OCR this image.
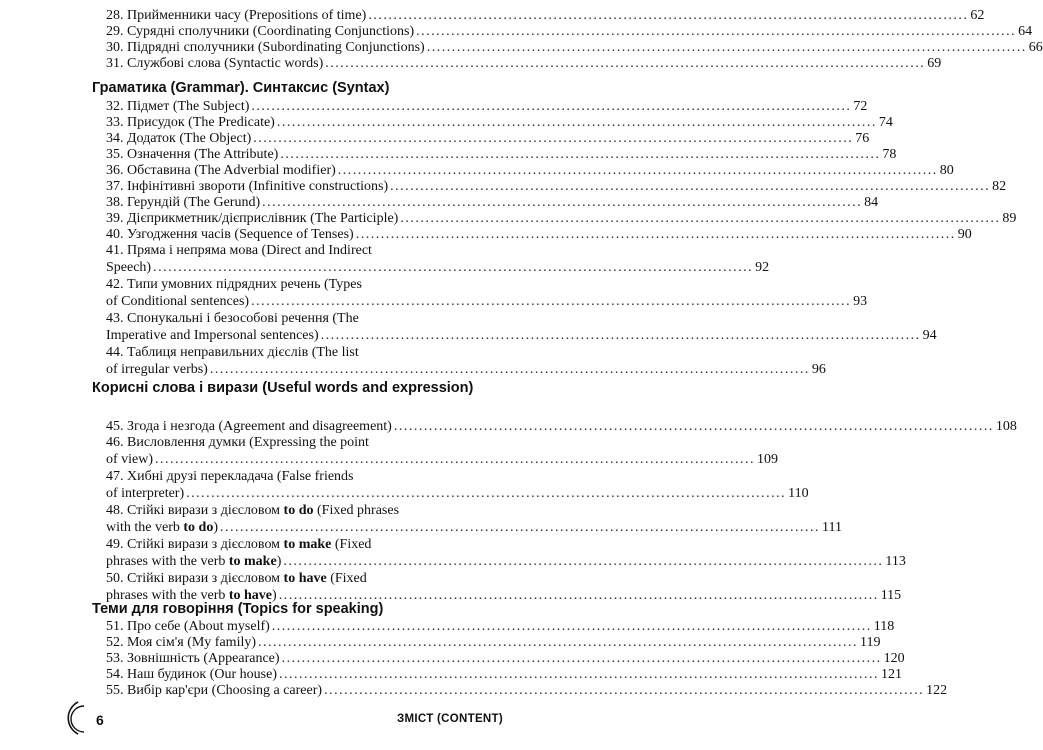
28. Прийменники часу (Prepositions of time) ........................................................................................................................ 62
29. Сурядні сполучники (Coordinating Conjunctions) ........................................................................................................................ 64
30. Підрядні сполучники (Subordinating Conjunctions) ........................................................................................................................ 66
31. Службові слова (Syntactic words) ........................................................................................................................ 69
Граматика (Grammar). Синтаксис (Syntax)
32. Підмет (The Subject) ........................................................................................................................ 72
33. Присудок (The Predicate) ........................................................................................................................ 74
34. Додаток (The Object) ........................................................................................................................ 76
35. Означення (The Attribute) ........................................................................................................................ 78
36. Обставина (The Adverbial modifier) ........................................................................................................................ 80
37. Інфінітивні звороти (Infinitive constructions) ........................................................................................................................ 82
38. Герундій (The Gerund) ........................................................................................................................ 84
39. Дієприкметник/дієприслівник (The Participle) ........................................................................................................................ 89
40. Узгодження часів (Sequence of Tenses) ........................................................................................................................ 90
41. Пряма і непряма мова (Direct and Indirect
Speech) ........................................................................................................................ 92
42. Типи умовних підрядних речень (Types
of Conditional sentences) ........................................................................................................................ 93
43. Спонукальні і безособові речення (The
Imperative and Impersonal sentences) ........................................................................................................................ 94
44. Таблиця неправильних дієслів (The list
of irregular verbs) ........................................................................................................................ 96
Корисні слова і вирази (Useful words and expression)
45. Згода і незгода (Agreement and disagreement) ........................................................................................................................ 108
46. Висловлення думки (Expressing the point
of view) ........................................................................................................................ 109
47. Хибні друзі перекладача (False friends
of interpreter) ........................................................................................................................ 110
48. Стійкі вирази з дієсловом to do (Fixed phrases
with the verb to do) ........................................................................................................................ 111
49. Стійкі вирази з дієсловом to make (Fixed
phrases with the verb to make) ........................................................................................................................ 113
50. Стійкі вирази з дієсловом to have (Fixed
phrases with the verb to have) ........................................................................................................................ 115
Теми для говоріння (Topics for speaking)
51. Про себе (About myself) ........................................................................................................................ 118
52. Моя сім'я (My family) ........................................................................................................................ 119
53. Зовнішність (Appearance) ........................................................................................................................ 120
54. Наш будинок (Our house) ........................................................................................................................ 121
55. Вибір кар'єри (Choosing a career) ........................................................................................................................ 122
6	ЗМІСТ (CONTENT)
